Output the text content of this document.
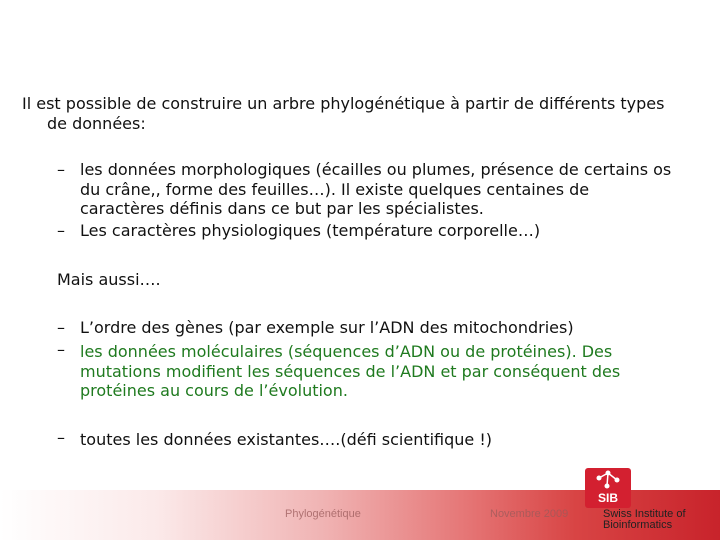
Il est possible de construire un arbre phylogénétique à partir de différents types
de données:
– les données morphologiques (écailles ou plumes, présence de certains os
du crâne,, forme des feuilles…). Il existe quelques centaines de
caractères définis dans ce but par les spécialistes.
– Les caractères physiologiques (température corporelle…)
Mais aussi….
– L’ordre des gènes (par exemple sur l’ADN des mitochondries)
– les données moléculaires (séquences d’ADN ou de protéines). Des
mutations modifient les séquences de l’ADN et par conséquent des
protéines au cours de l’évolution.
– toutes les données existantes….(défi scientifique !)
Phylogénétique	Novembre 2009
SIB
Swiss Institute of
Bioinformatics
